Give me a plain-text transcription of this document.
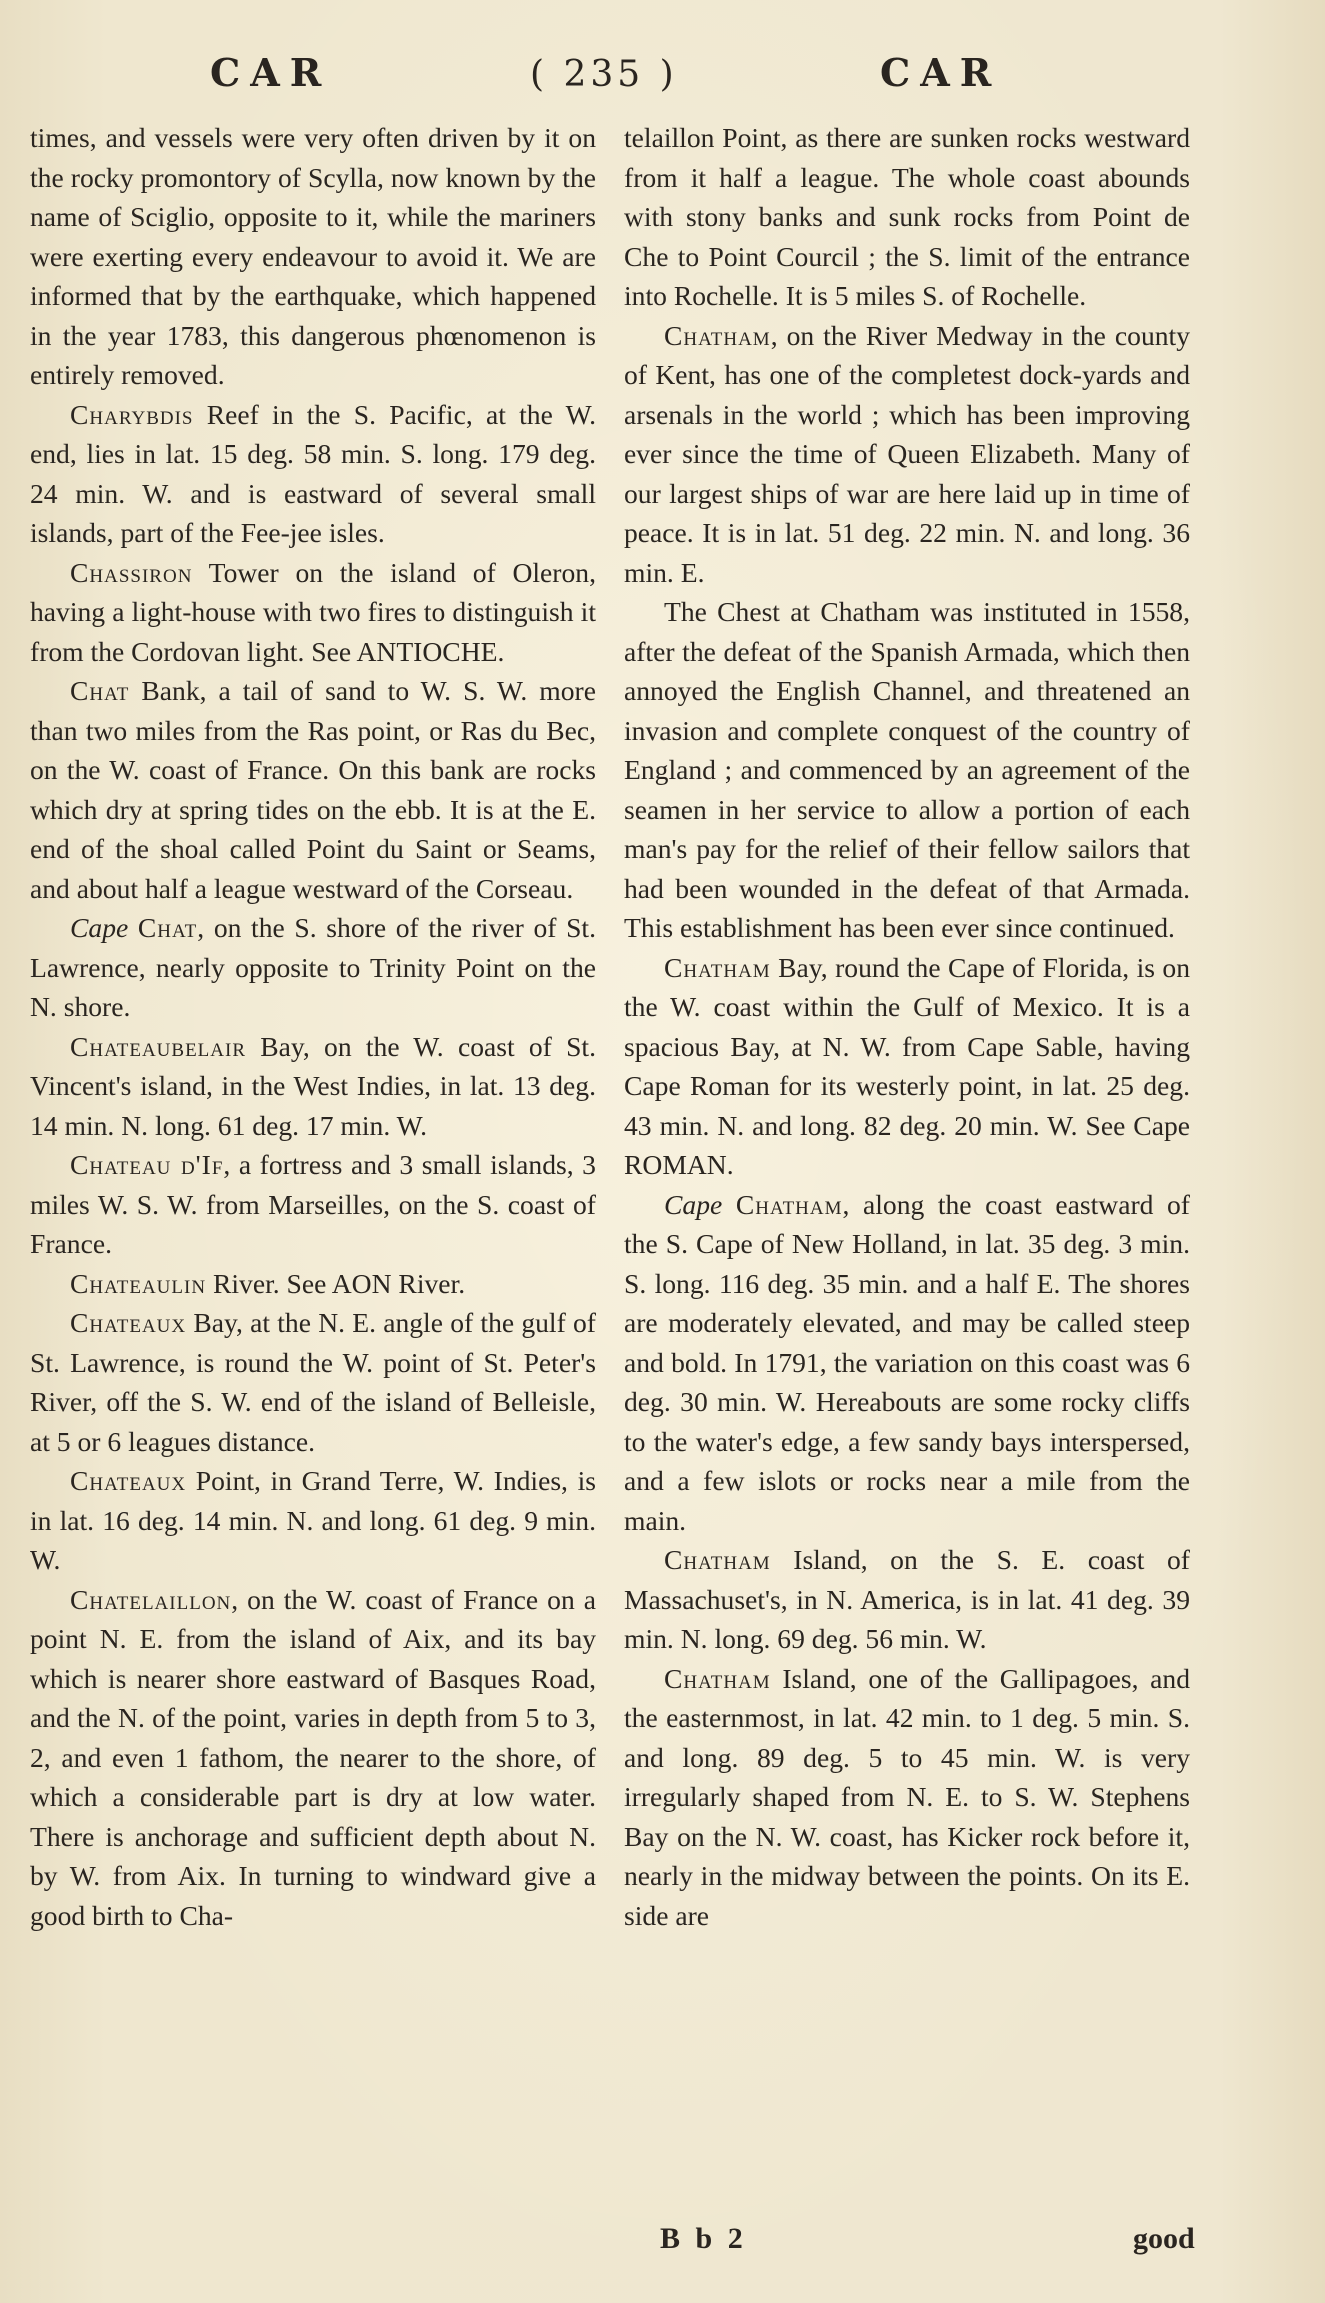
CAR	( 235 )	CAR

times, and vessels were very often driven by it on the rocky promontory of Scylla, now known by the name of Sciglio, opposite to it, while the mariners were exerting every endeavour to avoid it. We are informed that by the earthquake, which happened in the year 1783, this dangerous phœnomenon is entirely removed.

Charybdis Reef in the S. Pacific, at the W. end, lies in lat. 15 deg. 58 min. S. long. 179 deg. 24 min. W. and is eastward of several small islands, part of the Fee-jee isles.

Chassiron Tower on the island of Oleron, having a light-house with two fires to distinguish it from the Cordovan light. See ANTIOCHE.

Chat Bank, a tail of sand to W. S. W. more than two miles from the Ras point, or Ras du Bec, on the W. coast of France. On this bank are rocks which dry at spring tides on the ebb. It is at the E. end of the shoal called Point du Saint or Seams, and about half a league westward of the Corseau.

Cape Chat, on the S. shore of the river of St. Lawrence, nearly opposite to Trinity Point on the N. shore.

Chateaubelair Bay, on the W. coast of St. Vincent's island, in the West Indies, in lat. 13 deg. 14 min. N. long. 61 deg. 17 min. W.

Chateau d'If, a fortress and 3 small islands, 3 miles W. S. W. from Marseilles, on the S. coast of France.

Chateaulin River. See AON River.

Chateaux Bay, at the N. E. angle of the gulf of St. Lawrence, is round the W. point of St. Peter's River, off the S. W. end of the island of Belleisle, at 5 or 6 leagues distance.

Chateaux Point, in Grand Terre, W. Indies, is in lat. 16 deg. 14 min. N. and long. 61 deg. 9 min. W.

Chatelaillon, on the W. coast of France on a point N. E. from the island of Aix, and its bay which is nearer shore eastward of Basques Road, and the N. of the point, varies in depth from 5 to 3, 2, and even 1 fathom, the nearer to the shore, of which a considerable part is dry at low water. There is anchorage and sufficient depth about N. by W. from Aix. In turning to windward give a good birth to Cha-

telaillon Point, as there are sunken rocks westward from it half a league. The whole coast abounds with stony banks and sunk rocks from Point de Che to Point Courcil ; the S. limit of the entrance into Rochelle. It is 5 miles S. of Rochelle.

Chatham, on the River Medway in the county of Kent, has one of the completest dock-yards and arsenals in the world ; which has been improving ever since the time of Queen Elizabeth. Many of our largest ships of war are here laid up in time of peace. It is in lat. 51 deg. 22 min. N. and long. 36 min. E.

The Chest at Chatham was instituted in 1558, after the defeat of the Spanish Armada, which then annoyed the English Channel, and threatened an invasion and complete conquest of the country of England ; and commenced by an agreement of the seamen in her service to allow a portion of each man's pay for the relief of their fellow sailors that had been wounded in the defeat of that Armada. This establishment has been ever since continued.

Chatham Bay, round the Cape of Florida, is on the W. coast within the Gulf of Mexico. It is a spacious Bay, at N. W. from Cape Sable, having Cape Roman for its westerly point, in lat. 25 deg. 43 min. N. and long. 82 deg. 20 min. W. See Cape ROMAN.

Cape Chatham, along the coast eastward of the S. Cape of New Holland, in lat. 35 deg. 3 min. S. long. 116 deg. 35 min. and a half E. The shores are moderately elevated, and may be called steep and bold. In 1791, the variation on this coast was 6 deg. 30 min. W. Hereabouts are some rocky cliffs to the water's edge, a few sandy bays interspersed, and a few islots or rocks near a mile from the main.

Chatham Island, on the S. E. coast of Massachuset's, in N. America, is in lat. 41 deg. 39 min. N. long. 69 deg. 56 min. W.

Chatham Island, one of the Gallipagoes, and the easternmost, in lat. 42 min. to 1 deg. 5 min. S. and long. 89 deg. 5 to 45 min. W. is very irregularly shaped from N. E. to S. W. Stephens Bay on the N. W. coast, has Kicker rock before it, nearly in the midway between the points. On its E. side are

B b 2	good
